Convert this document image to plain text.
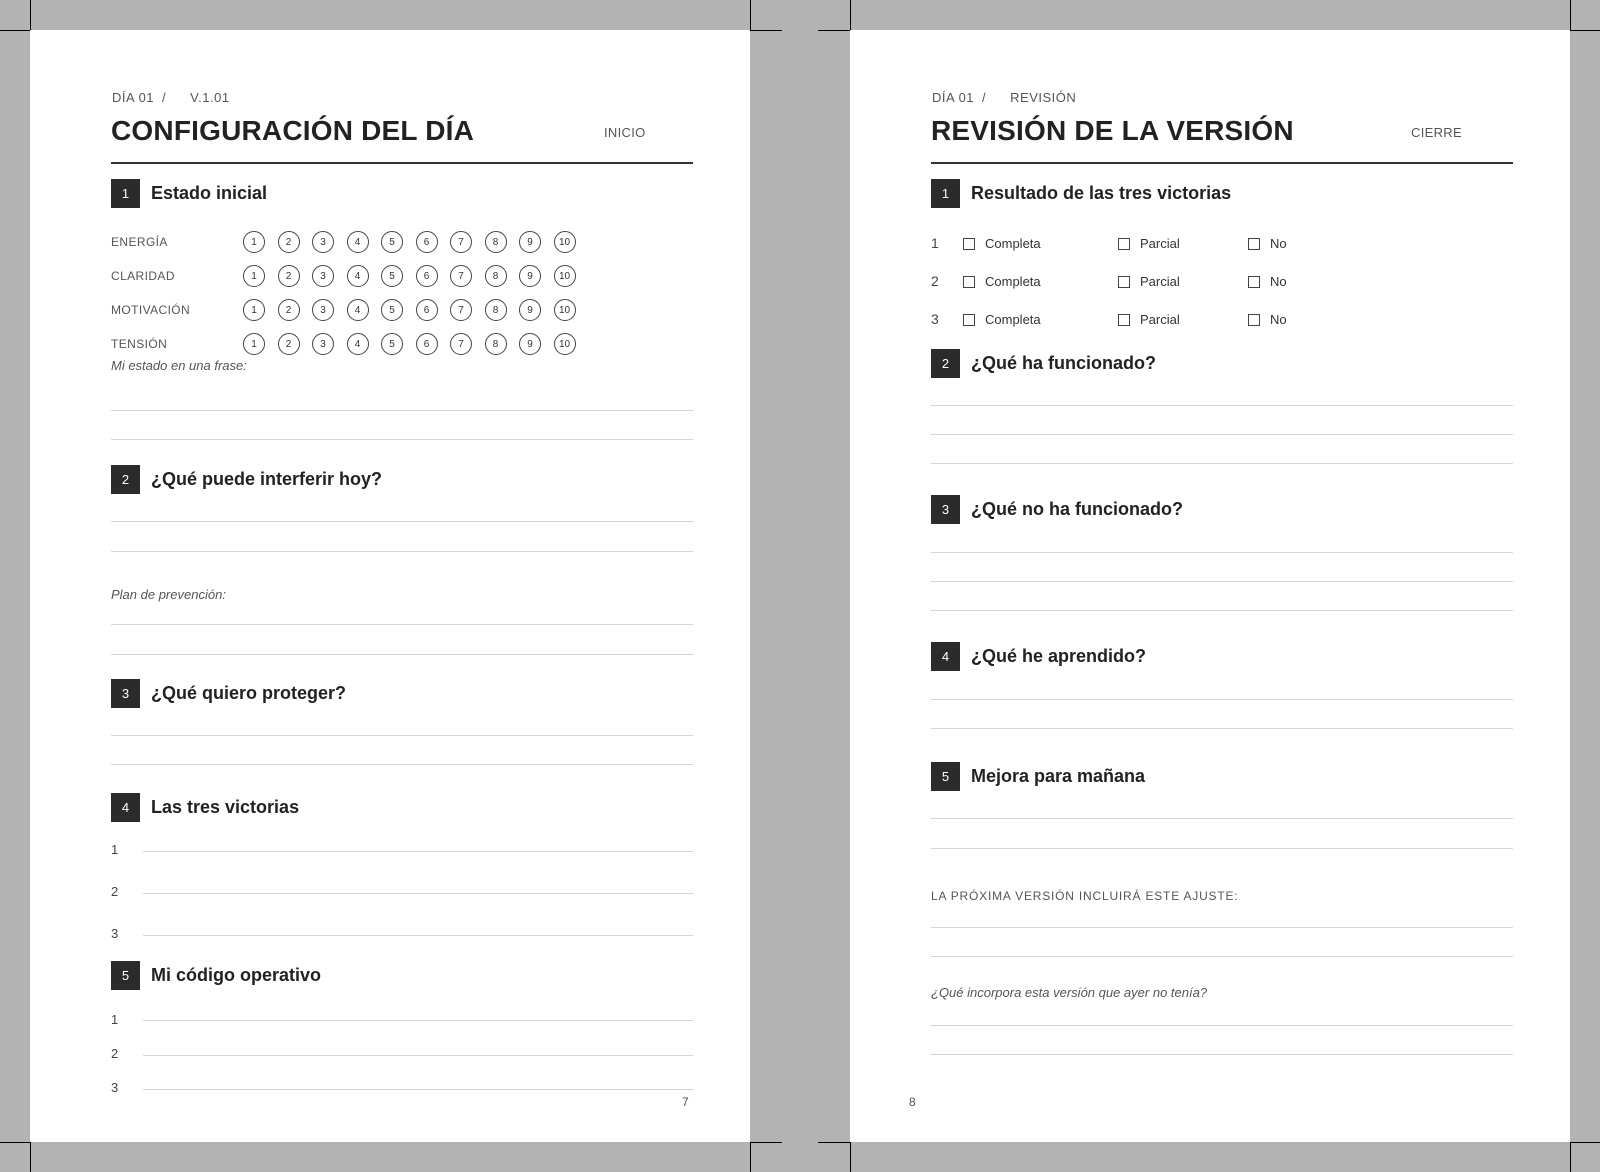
DÍA 01 / V.1.01
CONFIGURACIÓN DEL DÍA	INICIO
1	Estado inicial
ENERGÍA	1	2	3	4	5	6	7	8	9	10
CLARIDAD	1	2	3	4	5	6	7	8	9	10
MOTIVACIÓN	1	2	3	4	5	6	7	8	9	10
TENSIÓN	1	2	3	4	5	6	7	8	9	10
Mi estado en una frase:
2	¿Qué puede interferir hoy?
Plan de prevención:
3	¿Qué quiero proteger?
4	Las tres victorias
1
2
3
5	Mi código operativo
1
2
3
7
DÍA 01 / REVISIÓN
REVISIÓN DE LA VERSIÓN	CIERRE
1	Resultado de las tres victorias
1	Completa	Parcial	No
2	Completa	Parcial	No
3	Completa	Parcial	No
2	¿Qué ha funcionado?
3	¿Qué no ha funcionado?
4	¿Qué he aprendido?
5	Mejora para mañana
LA PRÓXIMA VERSIÓN INCLUIRÁ ESTE AJUSTE:
¿Qué incorpora esta versión que ayer no tenía?
8
